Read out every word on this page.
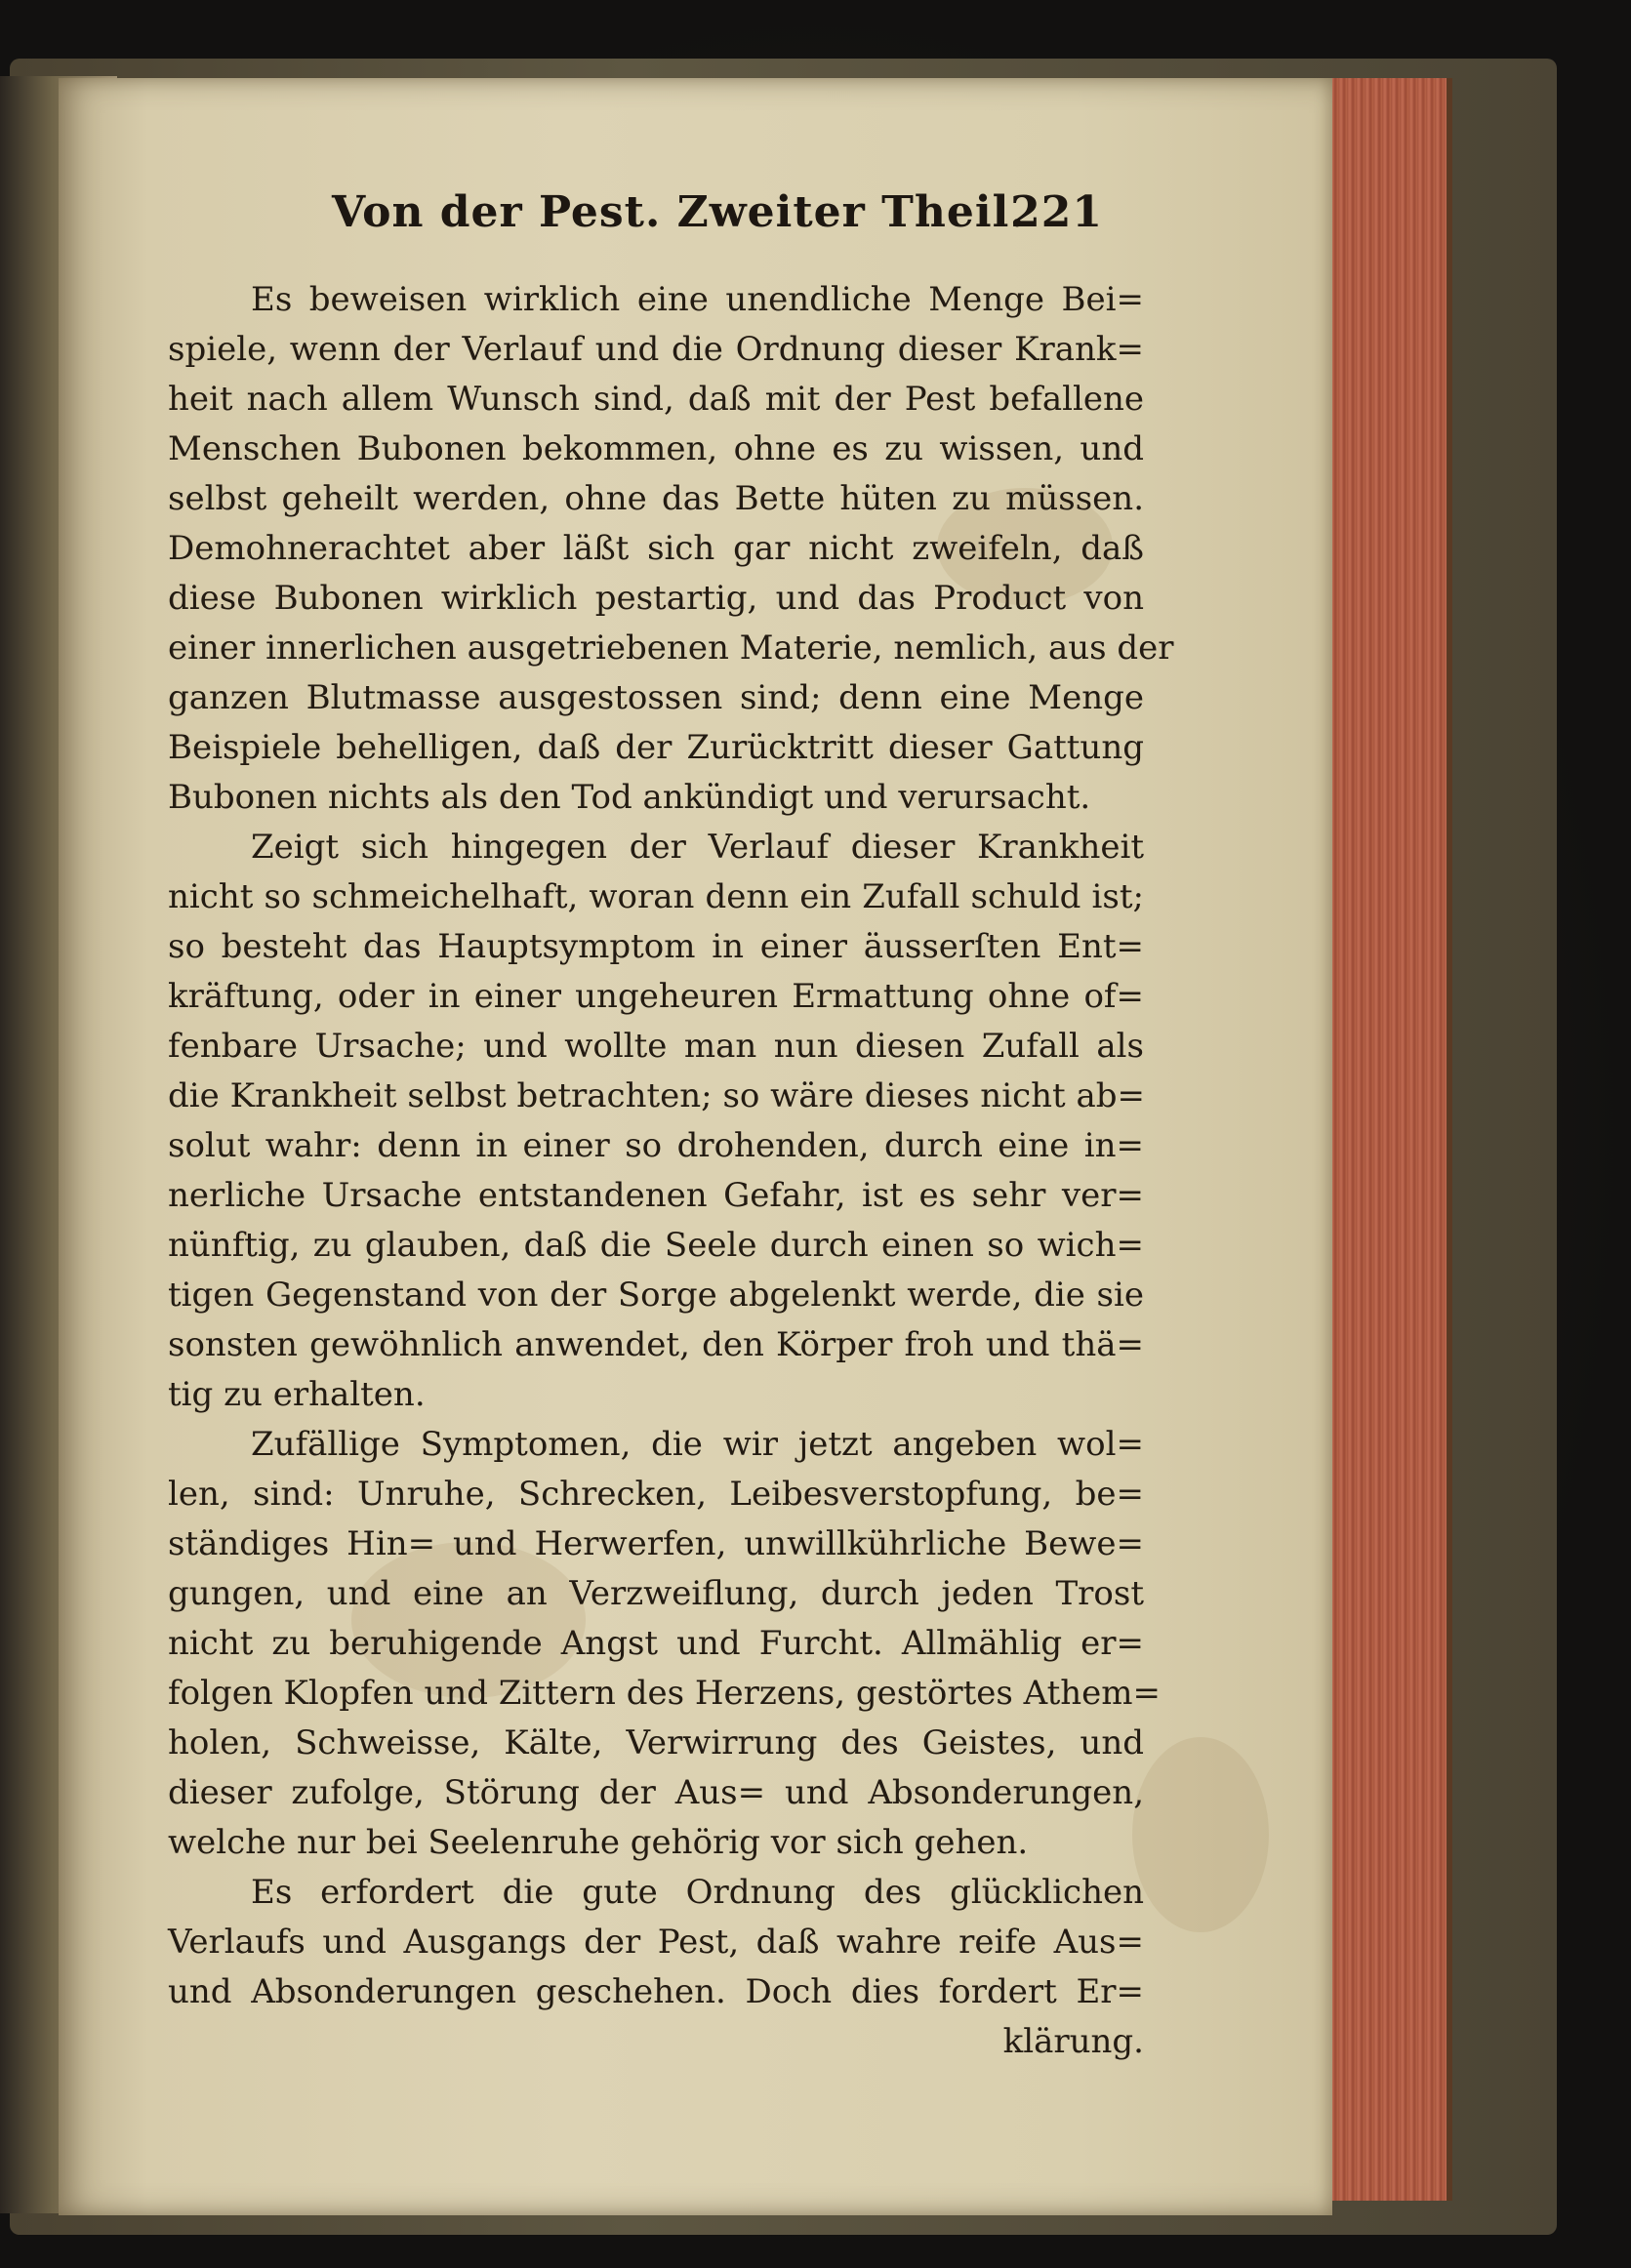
Von der Pest. Zweiter Theil.
221
Es beweisen wirklich eine unendliche Menge Bei=
spiele, wenn der Verlauf und die Ordnung dieser Krank=
heit nach allem Wunsch sind, daß mit der Pest befallene
Menschen Bubonen bekommen, ohne es zu wissen, und
selbst geheilt werden, ohne das Bette hüten zu müssen.
Demohnerachtet aber läßt sich gar nicht zweifeln, daß
diese Bubonen wirklich pestartig, und das Product von
einer innerlichen ausgetriebenen Materie, nemlich, aus der
ganzen Blutmasse ausgestossen sind; denn eine Menge
Beispiele behelligen, daß der Zurücktritt dieser Gattung
Bubonen nichts als den Tod ankündigt und verursacht.
Zeigt sich hingegen der Verlauf dieser Krankheit
nicht so schmeichelhaft, woran denn ein Zufall schuld ist;
so besteht das Hauptsymptom in einer äusserſten Ent=
kräftung, oder in einer ungeheuren Ermattung ohne of=
fenbare Ursache; und wollte man nun diesen Zufall als
die Krankheit selbst betrachten; so wäre dieses nicht ab=
solut wahr: denn in einer so drohenden, durch eine in=
nerliche Ursache entstandenen Gefahr, ist es sehr ver=
nünftig, zu glauben, daß die Seele durch einen so wich=
tigen Gegenstand von der Sorge abgelenkt werde, die sie
sonsten gewöhnlich anwendet, den Körper froh und thä=
tig zu erhalten.
Zufällige Symptomen, die wir jetzt angeben wol=
len, sind: Unruhe, Schrecken, Leibesverstopfung, be=
ständiges Hin= und Herwerfen, unwillkührliche Bewe=
gungen, und eine an Verzweiflung, durch jeden Trost
nicht zu beruhigende Angst und Furcht. Allmählig er=
folgen Klopfen und Zittern des Herzens, gestörtes Athem=
holen, Schweisse, Kälte, Verwirrung des Geistes, und
dieser zufolge, Störung der Aus= und Absonderungen,
welche nur bei Seelenruhe gehörig vor sich gehen.
Es erfordert die gute Ordnung des glücklichen
Verlaufs und Ausgangs der Pest, daß wahre reife Aus=
und Absonderungen geschehen. Doch dies fordert Er=
klärung.
